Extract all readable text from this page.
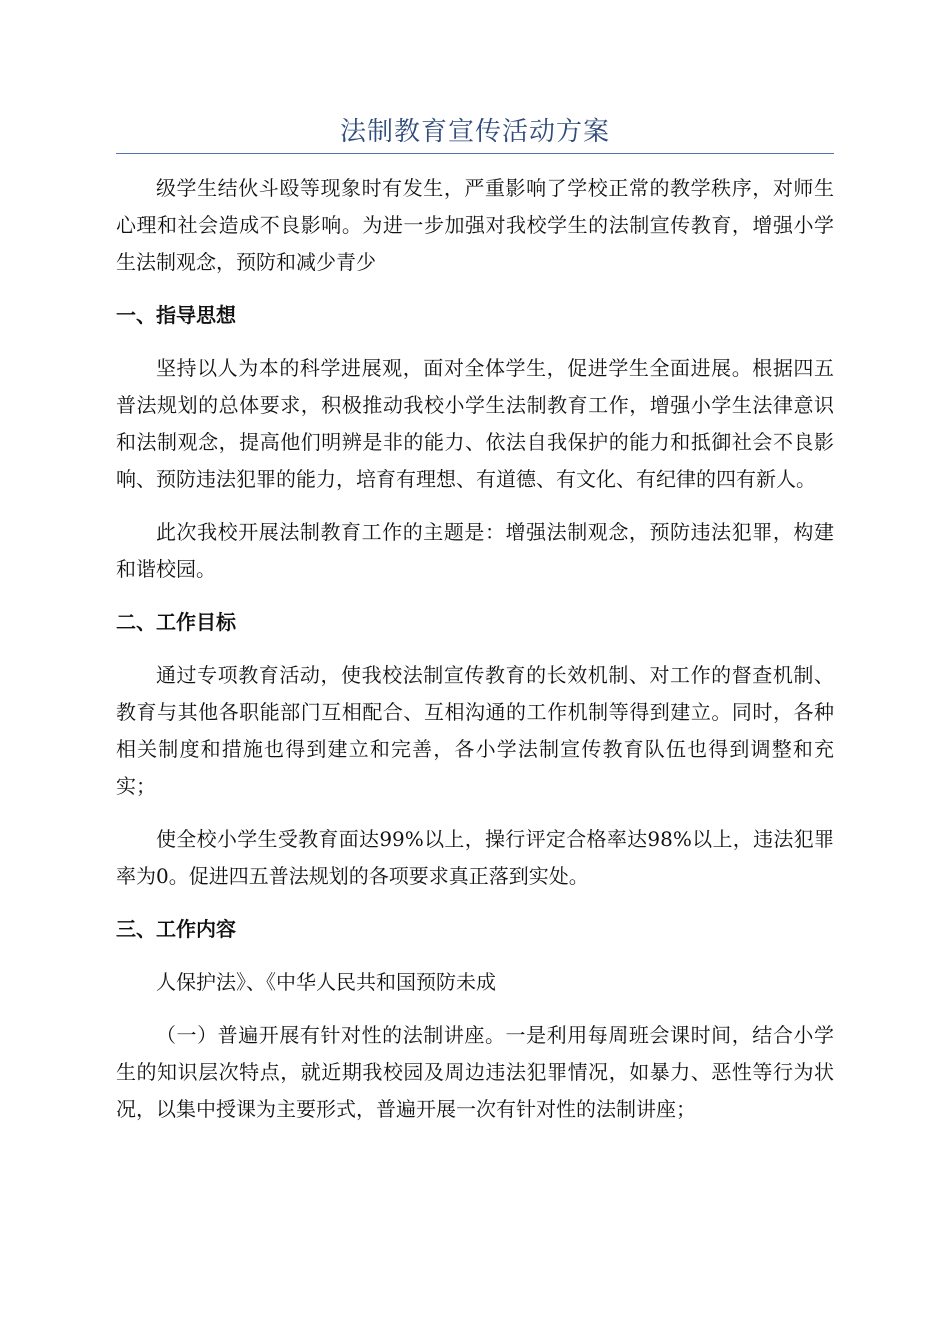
法制教育宣传活动方案

级学生结伙斗殴等现象时有发生，严重影响了学校正常的教学秩序，对师生心理和社会造成不良影响。为进一步加强对我校学生的法制宣传教育，增强小学生法制观念，预防和减少青少

一、指导思想

坚持以人为本的科学进展观，面对全体学生，促进学生全面进展。根据四五普法规划的总体要求，积极推动我校小学生法制教育工作，增强小学生法律意识和法制观念，提高他们明辨是非的能力、依法自我保护的能力和抵御社会不良影响、预防违法犯罪的能力，培育有理想、有道德、有文化、有纪律的四有新人。

此次我校开展法制教育工作的主题是：增强法制观念，预防违法犯罪，构建和谐校园。

二、工作目标

通过专项教育活动，使我校法制宣传教育的长效机制、对工作的督查机制、教育与其他各职能部门互相配合、互相沟通的工作机制等得到建立。同时，各种相关制度和措施也得到建立和完善，各小学法制宣传教育队伍也得到调整和充实；

使全校小学生受教育面达99%以上，操行评定合格率达98%以上，违法犯罪率为0。促进四五普法规划的各项要求真正落到实处。

三、工作内容

人保护法》、《中华人民共和国预防未成

（一）普遍开展有针对性的法制讲座。一是利用每周班会课时间，结合小学生的知识层次特点，就近期我校园及周边违法犯罪情况，如暴力、恶性等行为状况，以集中授课为主要形式，普遍开展一次有针对性的法制讲座；
